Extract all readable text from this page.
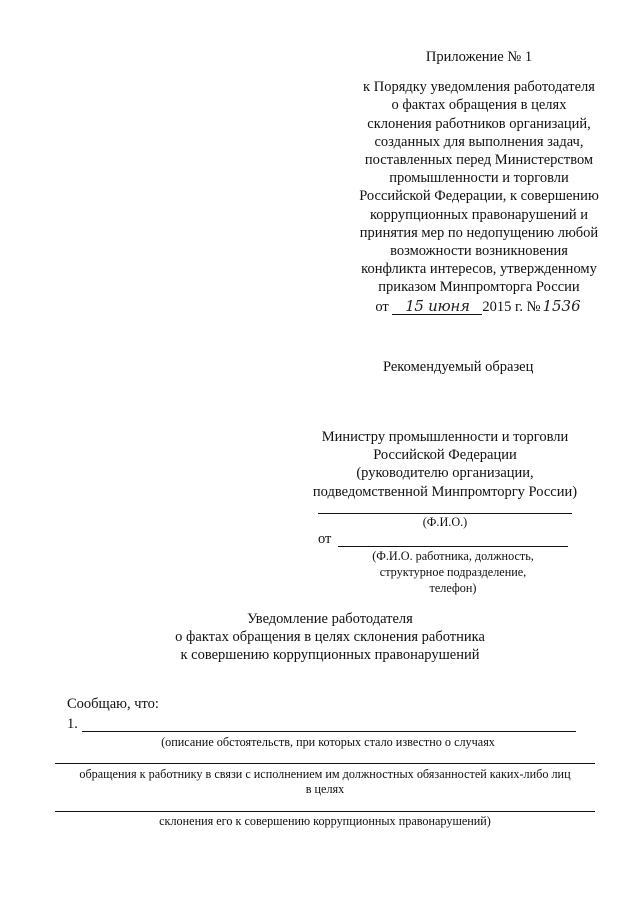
Приложение № 1
к Порядку уведомления работодателя
о фактах обращения в целях
склонения работников организаций,
созданных для выполнения задач,
поставленных перед Министерством
промышленности и торговли
Российской Федерации, к совершению
коррупционных правонарушений и
принятия мер по недопущению любой
возможности возникновения
конфликта интересов, утвержденному
приказом Минпромторга России
от 15 июня 2015 г. № 1536
Рекомендуемый образец
Министру промышленности и торговли
Российской Федерации
(руководителю организации,
подведомственной Минпромторгу России)
(Ф.И.О.)
от
(Ф.И.О. работника, должность,
структурное подразделение,
телефон)
Уведомление работодателя
о фактах обращения в целях склонения работника
к совершению коррупционных правонарушений
Сообщаю, что:
1.
(описание обстоятельств, при которых стало известно о случаях
обращения к работнику в связи с исполнением им должностных обязанностей каких-либо лиц
в целях
склонения его к совершению коррупционных правонарушений)
